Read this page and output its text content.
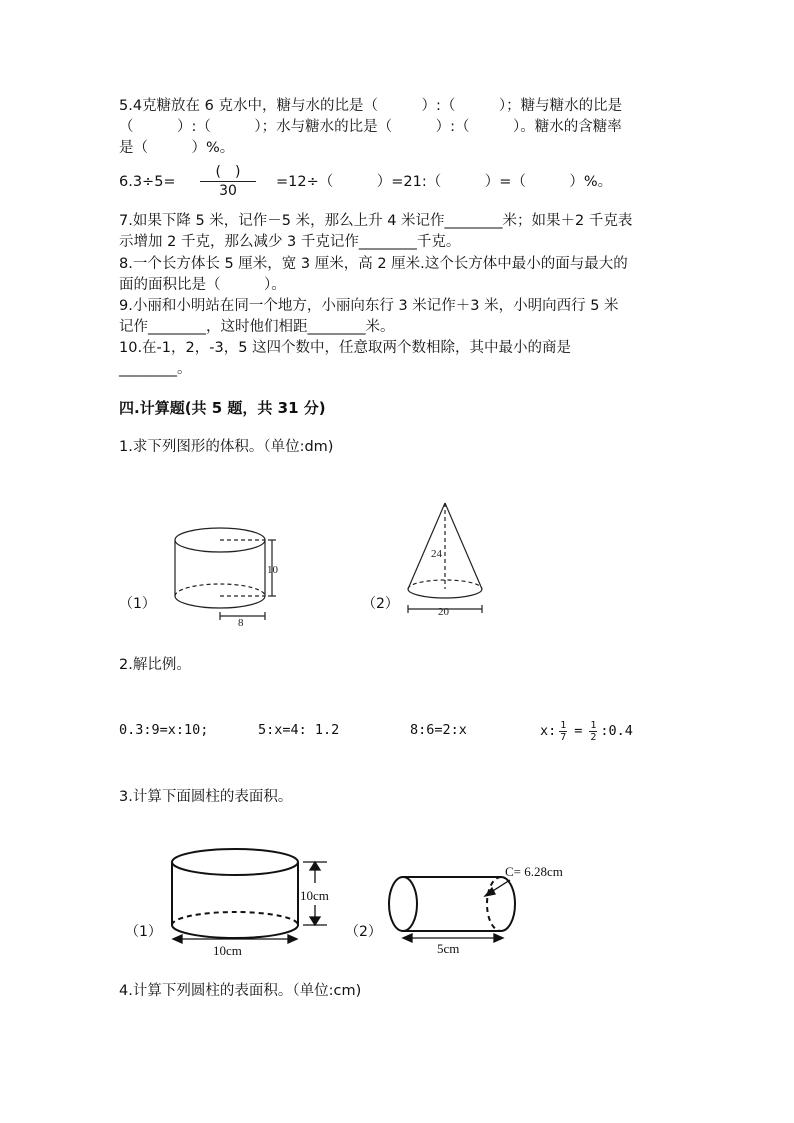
5.4克糖放在 6 克水中，糖与水的比是（　　　）:（　　　）；糖与糖水的比是
（　　　）:（　　　）；水与糖水的比是（　　　）:（　　　）。糖水的含糖率
是（　　　）%。
6.3÷5=
(　)
30
=12÷（　　　）=21:（　　　）=（　　　）%。
7.如果下降 5 米，记作－5 米，那么上升 4 米记作________米；如果＋2 千克表
示增加 2 千克，那么减少 3 千克记作________千克。
8.一个长方体长 5 厘米，宽 3 厘米，高 2 厘米.这个长方体中最小的面与最大的
面的面积比是（　　　）。
9.小丽和小明站在同一个地方，小丽向东行 3 米记作＋3 米，小明向西行 5 米
记作________，这时他们相距________米。
10.在-1，2，-3，5 这四个数中，任意取两个数相除，其中最小的商是
________。
四.计算题(共 5 题，共 31 分)
1.求下列图形的体积。（单位:dm)
（1）
10
8
（2）
24
20
2.解比例。
0.3:9=x:10;	5:x=4: 1.2	8:6=2:x	x: 1
7 = 1
2 :0.4
3.计算下面圆柱的表面积。
（1）
10cm
10cm
（2）
C= 6.28cm
5cm
4.计算下列圆柱的表面积。（单位:cm)
